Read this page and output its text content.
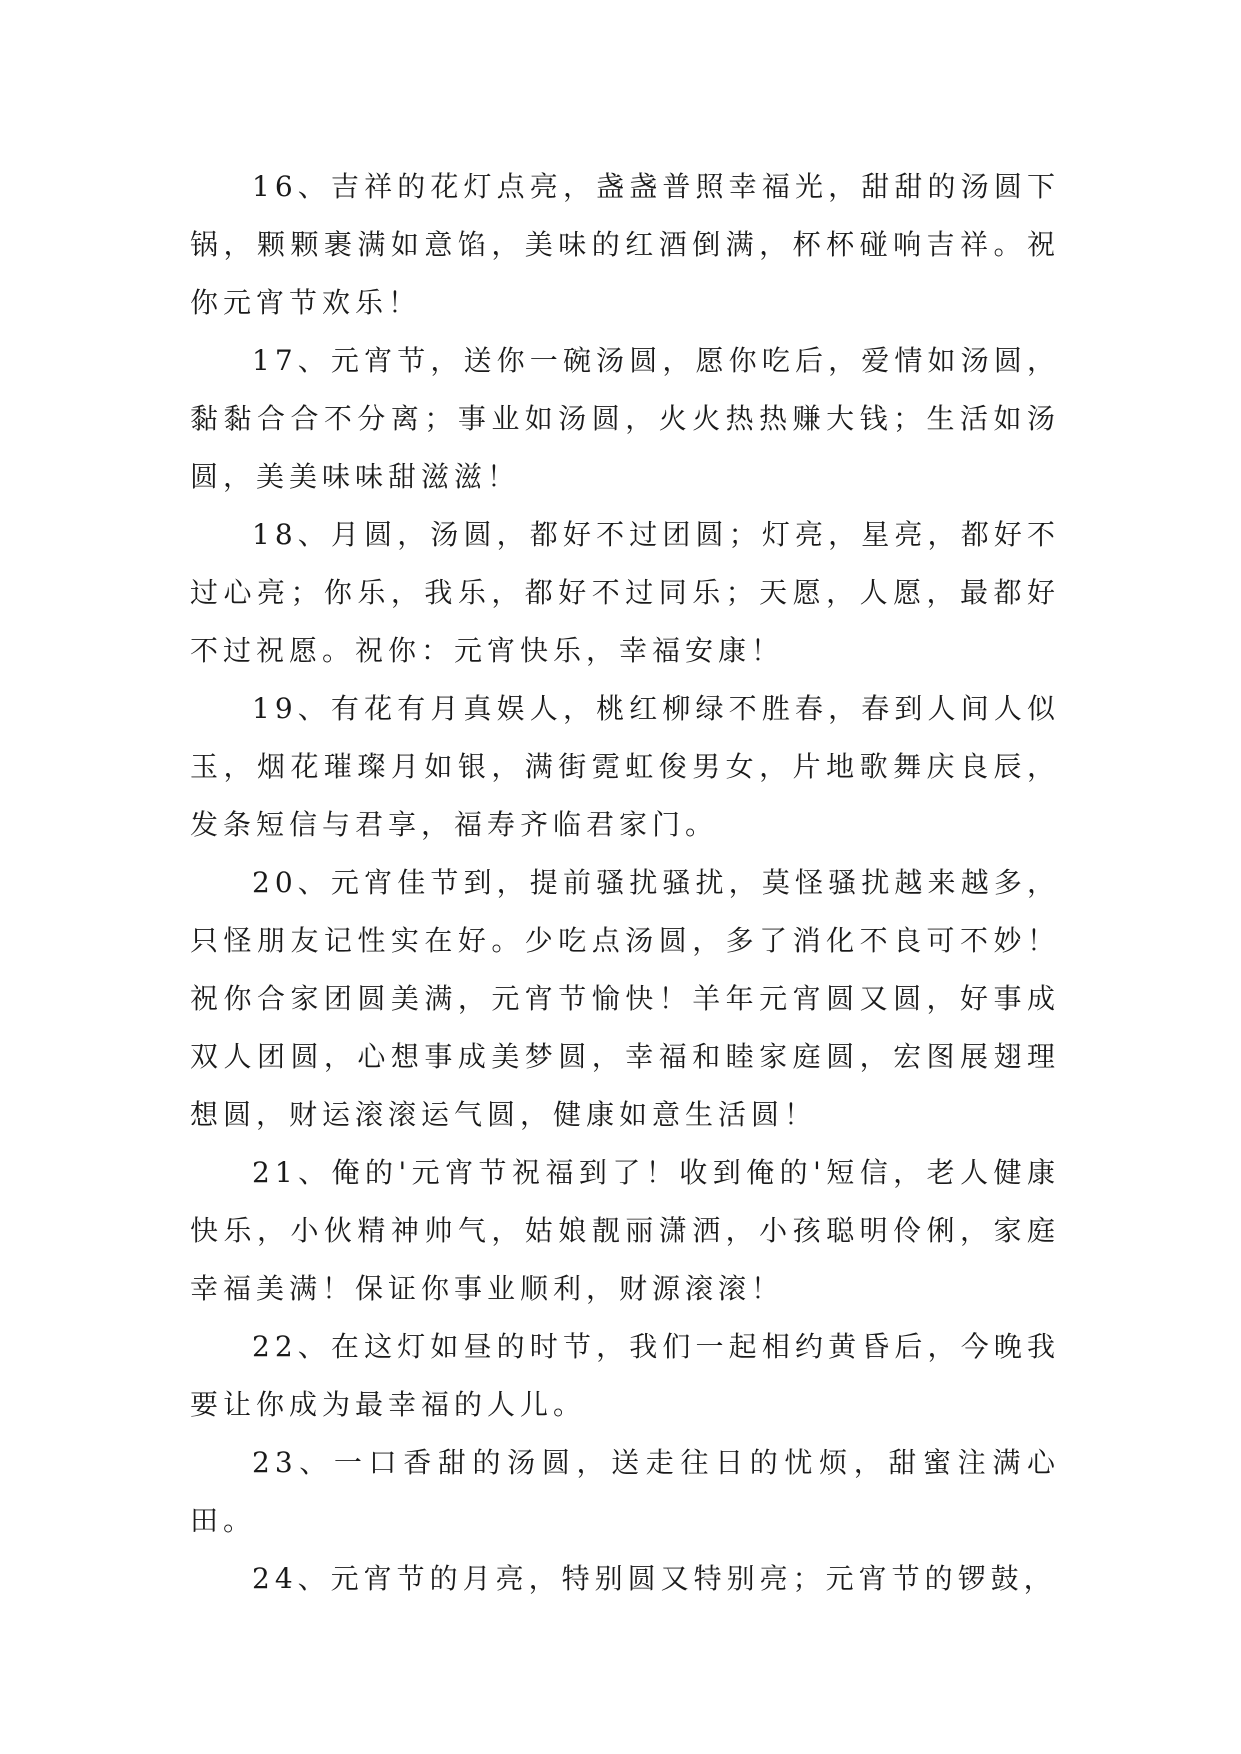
16、吉祥的花灯点亮，盏盏普照幸福光，甜甜的汤圆下锅，颗颗裹满如意馅，美味的红酒倒满，杯杯碰响吉祥。祝你元宵节欢乐！

17、元宵节，送你一碗汤圆，愿你吃后，爱情如汤圆，黏黏合合不分离；事业如汤圆，火火热热赚大钱；生活如汤圆，美美味味甜滋滋！

18、月圆，汤圆，都好不过团圆；灯亮，星亮，都好不过心亮；你乐，我乐，都好不过同乐；天愿，人愿，最都好不过祝愿。祝你：元宵快乐，幸福安康！

19、有花有月真娱人，桃红柳绿不胜春，春到人间人似玉，烟花璀璨月如银，满街霓虹俊男女，片地歌舞庆良辰，发条短信与君享，福寿齐临君家门。

20、元宵佳节到，提前骚扰骚扰，莫怪骚扰越来越多，只怪朋友记性实在好。少吃点汤圆，多了消化不良可不妙！祝你合家团圆美满，元宵节愉快！羊年元宵圆又圆，好事成双人团圆，心想事成美梦圆，幸福和睦家庭圆，宏图展翅理想圆，财运滚滚运气圆，健康如意生活圆！

21、俺的'元宵节祝福到了！收到俺的'短信，老人健康快乐，小伙精神帅气，姑娘靓丽潇洒，小孩聪明伶俐，家庭幸福美满！保证你事业顺利，财源滚滚！

22、在这灯如昼的时节，我们一起相约黄昏后，今晚我要让你成为最幸福的人儿。

23、一口香甜的汤圆，送走往日的忧烦，甜蜜注满心田。

24、元宵节的月亮，特别圆又特别亮；元宵节的锣鼓，
